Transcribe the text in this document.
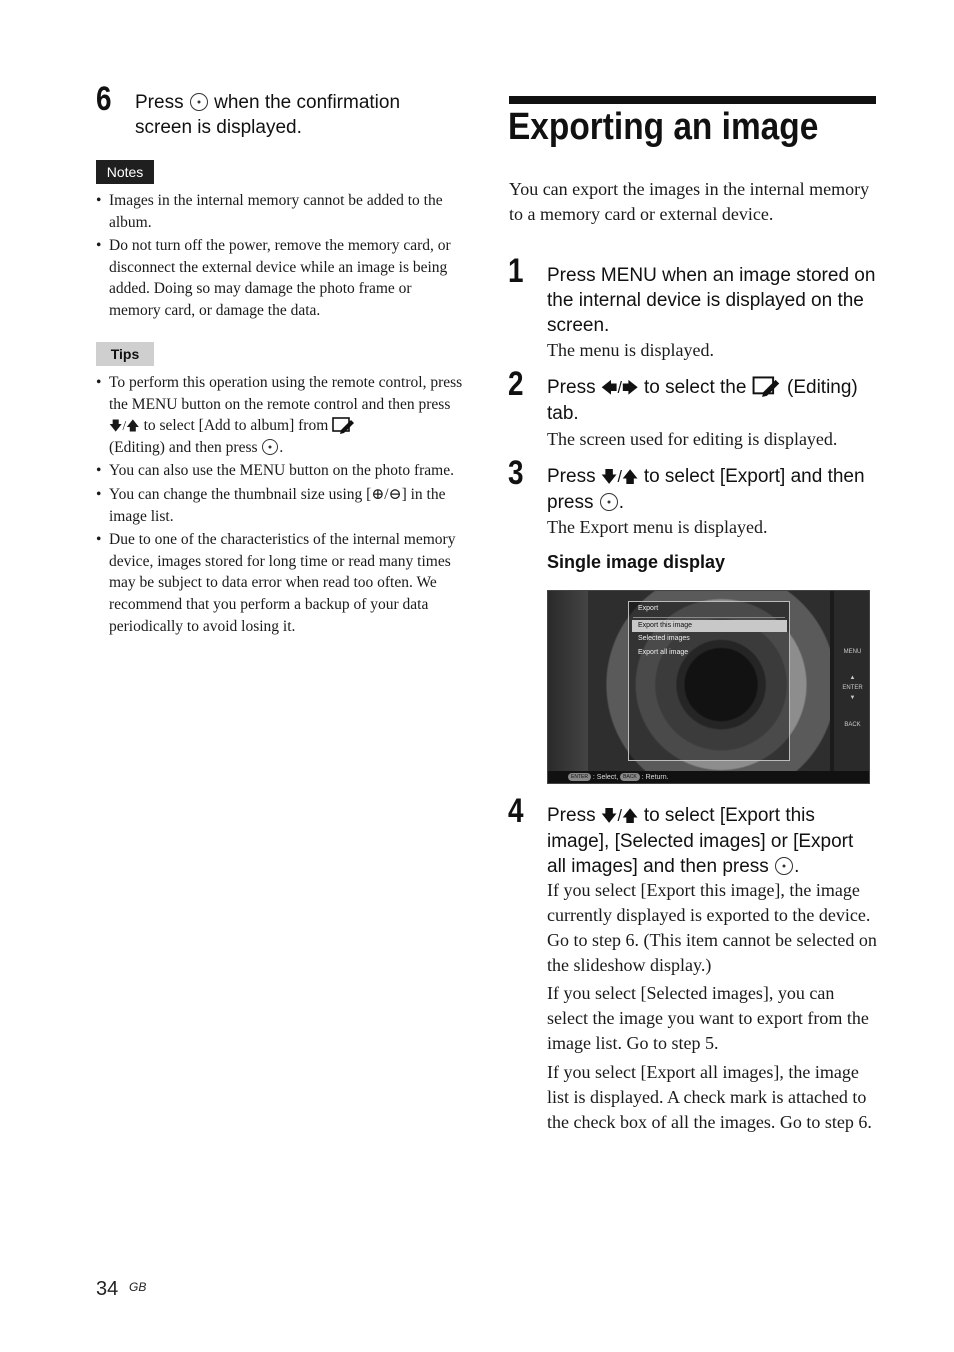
6 Press when the confirmation
screen is displayed.
Notes
• Images in the internal memory cannot be added to the album.
• Do not turn off the power, remove the memory card, or disconnect the external device while an image is being added. Doing so may damage the photo frame or memory card, or damage the data.
Tips
• To perform this operation using the remote control, press the MENU button on the remote control and then press 🡇/🡅 to select [Add to album] from
(Editing) and then press .
• You can also use the MENU button on the photo frame.
• You can change the thumbnail size using [⊕/⊖] in the image list.
• Due to one of the characteristics of the internal memory device, images stored for long time or read many times may be subject to data error when read too often. We recommend that you perform a backup of your data periodically to avoid losing it.
Exporting an image
You can export the images in the internal memory to a memory card or external device.
1 Press MENU when an image stored on the internal device is displayed on the screen.
The menu is displayed.
2 Press 🡄/🡆 to select the (Editing) tab.
The screen used for editing is displayed.
3 Press 🡇/🡅 to select [Export] and then press .
The Export menu is displayed.
Single image display
MENU
▲
ENTER
▼
BACK
Export
Export this image
Selected images
Export all image
ENTER : Select, BACK : Return.
4 Press 🡇/🡅 to select [Export this image], [Selected images] or [Export all images] and then press .
If you select [Export this image], the image currently displayed is exported to the device. Go to step 6. (This item cannot be selected on the slideshow display.)
If you select [Selected images], you can select the image you want to export from the image list. Go to step 5.
If you select [Export all images], the image list is displayed. A check mark is attached to the check box of all the images. Go to step 6.
34 GB
